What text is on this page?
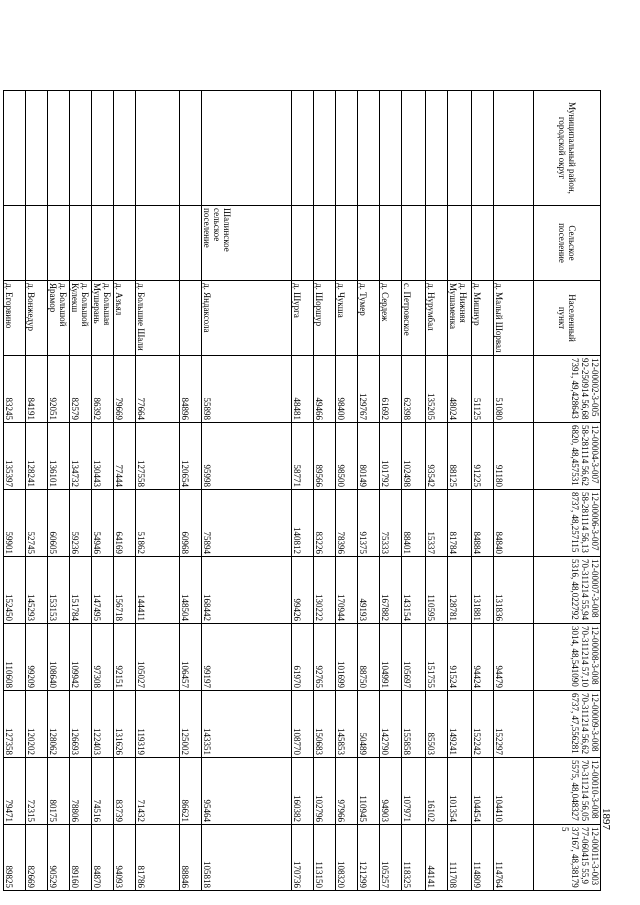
1897
Муниципальный район, городской округ	Сельское поселение	Населенный пункт	12-00002-3-00592-250914 56,687391, 49,428643	12-00004-3-00758-281114 56,626820, 48,457531	12-00006-3-00758-281114 56,138737, 48,257115	12-00007-3-00870-311214 55,945316, 48,022792	12-00008-3-00870-311214 57,103014, 48,541090	12-00009-3-00870-311214 56,626737, 47,556281	12-00010-3-00870-311214 56,055575, 48,048327	12-00011-3-00377-060415 55,937167, 48,381795
		д. Малый Шорвал	51080	91180	84840	131836	94479	152297	104410	114764
		д. Мишнур	51125	91225	84884	131881	94424	152242	104454	114809
		д. Нижняя Мушаменка	48024	88125	81784	128781	91524	149241	101354	111708
		д. Нурумбал	135205	93542	15337	110595	151755	85503	16102	44141
		с. Петровское	62398	102498	88401	143154	105697	155858	107971	118325
		д. Сердеж	61692	101792	75333	167882	104991	142790	94903	105257
		д. Тумер	129767	80149	91375	49193	88750	50489	110945	121299
		д. Чукша	98400	98500	78396	170944	101699	145853	97966	108320
		д. Шоршур	49466	89566	83226	130222	92765	150683	102796	113150
		д. Шурга	48481	58771	140812	99426	61970	108770	160382	170736
	Шалинское сельское поселение	д. Яндаксола	55898	95998	75894	168442	99197	143351	95464	105818
			84896	120654	60968	148504	106457	125002	86621	88846
		д. Большие Шали	77664	127558	51862	144411	105027	119319	71432	81786
		д. Азъял	79669	77444	64169	156718	92151	131626	83739	94093
		д. Большая Мушерань	86392	130443	54946	147495	97308	122403	74516	84870
		д. Большой Кулекш	82579	134732	59236	151784	109942	126693	78806	89160
		д. Большой Ярамор	92051	136101	60605	153153	108640	128062	80175	90529
		д. Вонжедур	84191	128241	52745	145293	99209	120202	72315	82669
		д. Егорвино	83245	135397	59901	152450	110608	127358	79471	89825
